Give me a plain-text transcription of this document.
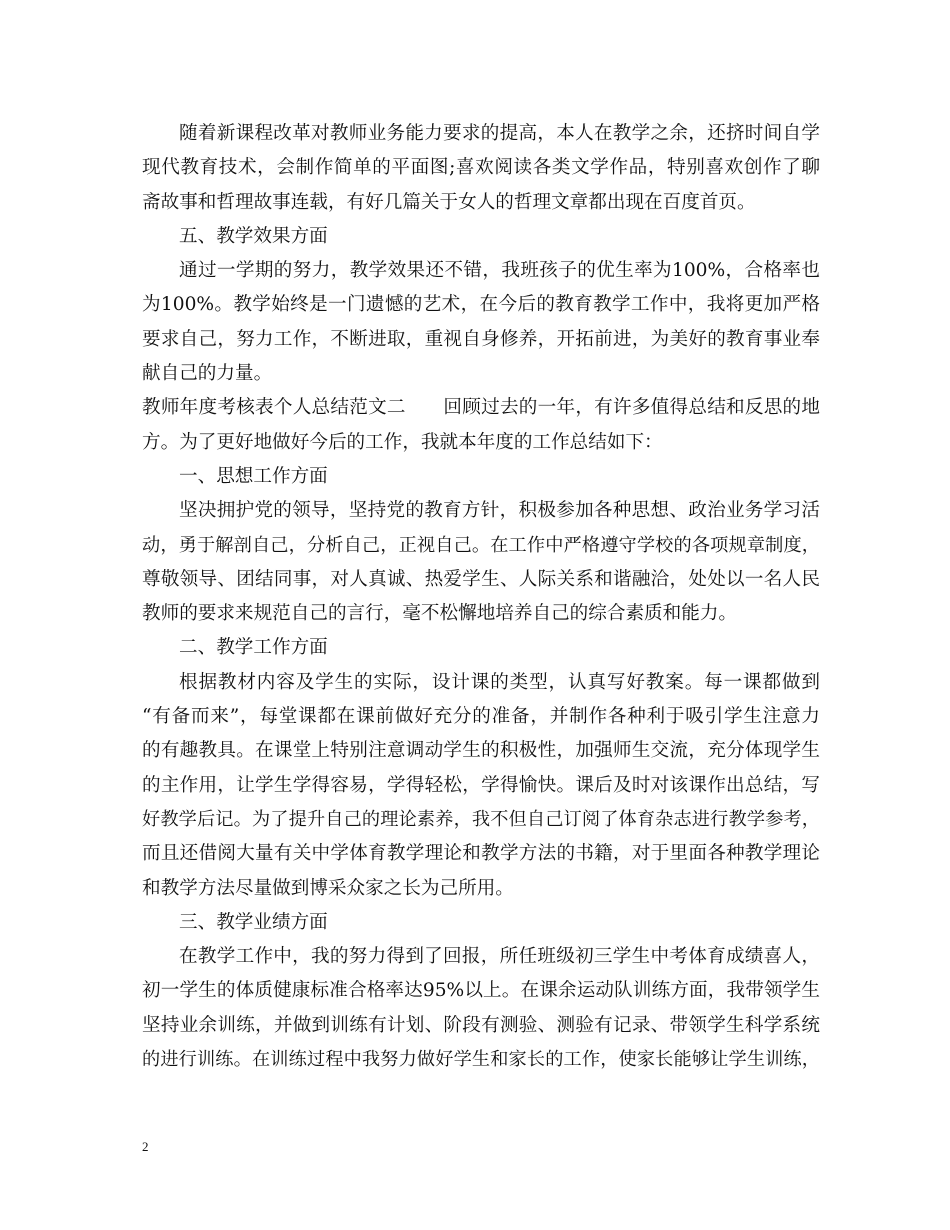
随着新课程改革对教师业务能力要求的提高，本人在教学之余，还挤时间自学
现代教育技术，会制作简单的平面图;喜欢阅读各类文学作品，特别喜欢创作了聊
斋故事和哲理故事连载，有好几篇关于女人的哲理文章都出现在百度首页。
五、教学效果方面
通过一学期的努力，教学效果还不错，我班孩子的优生率为100%，合格率也
为100%。教学始终是一门遗憾的艺术，在今后的教育教学工作中，我将更加严格
要求自己，努力工作，不断进取，重视自身修养，开拓前进，为美好的教育事业奉
献自己的力量。
教师年度考核表个人总结范文二　　回顾过去的一年，有许多值得总结和反思的地
方。为了更好地做好今后的工作，我就本年度的工作总结如下：
一、思想工作方面
坚决拥护党的领导，坚持党的教育方针，积极参加各种思想、政治业务学习活
动，勇于解剖自己，分析自己，正视自己。在工作中严格遵守学校的各项规章制度，
尊敬领导、团结同事，对人真诚、热爱学生、人际关系和谐融洽，处处以一名人民
教师的要求来规范自己的言行，毫不松懈地培养自己的综合素质和能力。
二、教学工作方面
根据教材内容及学生的实际，设计课的类型，认真写好教案。每一课都做到
“有备而来”，每堂课都在课前做好充分的准备，并制作各种利于吸引学生注意力
的有趣教具。在课堂上特别注意调动学生的积极性，加强师生交流，充分体现学生
的主作用，让学生学得容易，学得轻松，学得愉快。课后及时对该课作出总结，写
好教学后记。为了提升自己的理论素养，我不但自己订阅了体育杂志进行教学参考，
而且还借阅大量有关中学体育教学理论和教学方法的书籍，对于里面各种教学理论
和教学方法尽量做到博采众家之长为己所用。
三、教学业绩方面
在教学工作中，我的努力得到了回报，所任班级初三学生中考体育成绩喜人，
初一学生的体质健康标准合格率达95%以上。在课余运动队训练方面，我带领学生
坚持业余训练，并做到训练有计划、阶段有测验、测验有记录、带领学生科学系统
的进行训练。在训练过程中我努力做好学生和家长的工作，使家长能够让学生训练，
2
